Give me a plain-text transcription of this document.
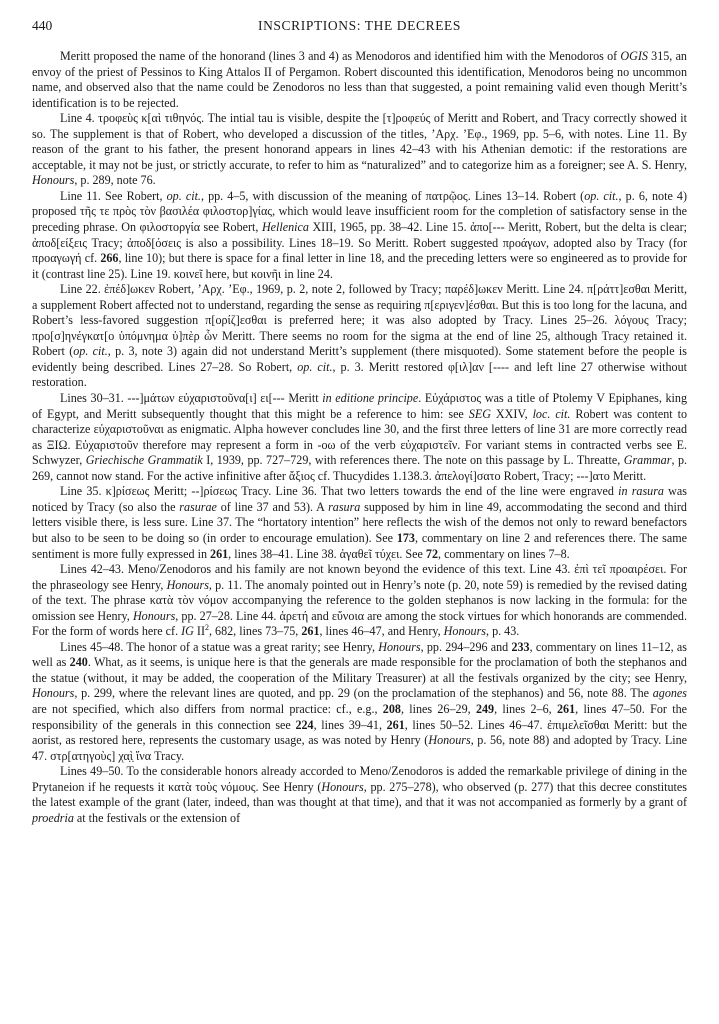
440	INSCRIPTIONS: THE DECREES

Meritt proposed the name of the honorand (lines 3 and 4) as Menodoros and identified him with the Menodoros of OGIS 315, an envoy of the priest of Pessinos to King Attalos II of Pergamon. Robert discounted this identification, Menodoros being no uncommon name, and observed also that the name could be Zenodoros no less than that suggested, a point remaining valid even though Meritt’s identification is to be rejected.

Line 4. τροφεὺς κ[αὶ τιθηνός. The intial tau is visible, despite the [τ]ροφεύς of Meritt and Robert, and Tracy correctly showed it so. The supplement is that of Robert, who developed a discussion of the titles, ’Αρχ. ’Εφ., 1969, pp. 5–6, with notes. Line 11. By reason of the grant to his father, the present honorand appears in lines 42–43 with his Athenian demotic: if the restorations are acceptable, it may not be just, or strictly accurate, to refer to him as “naturalized” and to categorize him as a foreigner; see A. S. Henry, Honours, p. 289, note 76.

Line 11. See Robert, op. cit., pp. 4–5, with discussion of the meaning of πατρῷος. Lines 13–14. Robert (op. cit., p. 6, note 4) proposed τῆς τε πρὸς τὸν βασιλέα φιλοστορ]γίας, which would leave insufficient room for the completion of satisfactory sense in the preceding phrase. On φιλοστοργία see Robert, Hellenica XIII, 1965, pp. 38–42. Line 15. ἀπο[--- Meritt, Robert, but the delta is clear; ἀποδ[είξεις Tracy; ἀποδ[όσεις is also a possibility. Lines 18–19. So Meritt. Robert suggested προάγων, adopted also by Tracy (for προαγωγή cf. 266, line 10); but there is space for a final letter in line 18, and the preceding letters were so engineered as to provide for it (contrast line 25). Line 19. κοινεῖ here, but κοινῆι in line 24.

Line 22. ἐπέδ]ωκεν Robert, ’Αρχ. ’Εφ., 1969, p. 2, note 2, followed by Tracy; παρέδ]ωκεν Meritt. Line 24. π[ράττ]εσθαι Meritt, a supplement Robert affected not to understand, regarding the sense as requiring π[εριγεν]έσθαι. But this is too long for the lacuna, and Robert’s less-favored suggestion π[ορίζ]εσθαι is preferred here; it was also adopted by Tracy. Lines 25–26. λόγους Tracy; προ[σ]ηνέγκατ[ο ὑπόμνημα ὑ]πὲρ ὧν Meritt. There seems no room for the sigma at the end of line 25, although Tracy retained it. Robert (op. cit., p. 3, note 3) again did not understand Meritt’s supplement (there misquoted). Some statement before the people is evidently being described. Lines 27–28. So Robert, op. cit., p. 3. Meritt restored φ[ιλ]αν [---- and left line 27 otherwise without restoration.

Lines 30–31. ---]μάτων εὐχαριστοῦνα[ι] ει[--- Meritt in editione principe. Εὐχάριστος was a title of Ptolemy V Epiphanes, king of Egypt, and Meritt subsequently thought that this might be a reference to him: see SEG XXIV, loc. cit. Robert was content to characterize εὐχαριστοῦναι as enigmatic. Alpha however concludes line 30, and the first three letters of line 31 are more correctly read as ΞΙΩ. Εὐχαριστοῦν therefore may represent a form in -οω of the verb εὐχαριστεῖν. For variant stems in contracted verbs see E. Schwyzer, Griechische Grammatik I, 1939, pp. 727–729, with references there. The note on this passage by L. Threatte, Grammar, p. 269, cannot now stand. For the active infinitive after ἄξιος cf. Thucydides 1.138.3. ἀπελογί]σατο Robert, Tracy; ---]ατο Meritt.

Line 35. κ]ρίσεως Meritt; --]ρίσεως Tracy. Line 36. That two letters towards the end of the line were engraved in rasura was noticed by Tracy (so also the rasurae of line 37 and 53). A rasura supposed by him in line 49, accommodating the second and third letters visible there, is less sure. Line 37. The “hortatory intention” here reflects the wish of the demos not only to reward benefactors but also to be seen to be doing so (in order to encourage emulation). See 173, commentary on line 2 and references there. The same sentiment is more fully expressed in 261, lines 38–41. Line 38. ἀγαθεῖ τύχει. See 72, commentary on lines 7–8.

Lines 42–43. Meno/Zenodoros and his family are not known beyond the evidence of this text. Line 43. ἐπὶ τεῖ προαιρέσει. For the phraseology see Henry, Honours, p. 11. The anomaly pointed out in Henry’s note (p. 20, note 59) is remedied by the revised dating of the text. The phrase κατὰ τὸν νόμον accompanying the reference to the golden stephanos is now lacking in the formula: for the omission see Henry, Honours, pp. 27–28. Line 44. ἀρετή and εὔνοια are among the stock virtues for which honorands are commended. For the form of words here cf. IG $II^2$, 682, lines 73–75, 261, lines 46–47, and Henry, Honours, p. 43.

Lines 45–48. The honor of a statue was a great rarity; see Henry, Honours, pp. 294–296 and 233, commentary on lines 11–12, as well as 240. What, as it seems, is unique here is that the generals are made responsible for the proclamation of both the stephanos and the statue (without, it may be added, the cooperation of the Military Treasurer) at all the festivals organized by the city; see Henry, Honours, p. 299, where the relevant lines are quoted, and pp. 29 (on the proclamation of the stephanos) and 56, note 88. The agones are not specified, which also differs from normal practice: cf., e.g., 208, lines 26–29, 249, lines 2–6, 261, lines 47–50. For the responsibility of the generals in this connection see 224, lines 39–41, 261, lines 50–52. Lines 46–47. ἐπιμελεῖσθαι Meritt: but the aorist, as restored here, represents the customary usage, as was noted by Henry (Honours, p. 56, note 88) and adopted by Tracy. Line 47. στρ[ατηγοὺς] χα̣ὶ̣ ἵνα Tracy.

Lines 49–50. To the considerable honors already accorded to Meno/Zenodoros is added the remarkable privilege of dining in the Prytaneion if he requests it κατὰ τοὺς νόμους. See Henry (Honours, pp. 275–278), who observed (p. 277) that this decree constitutes the latest example of the grant (later, indeed, than was thought at that time), and that it was not accompanied as formerly by a grant of proedria at the festivals or the extension of
